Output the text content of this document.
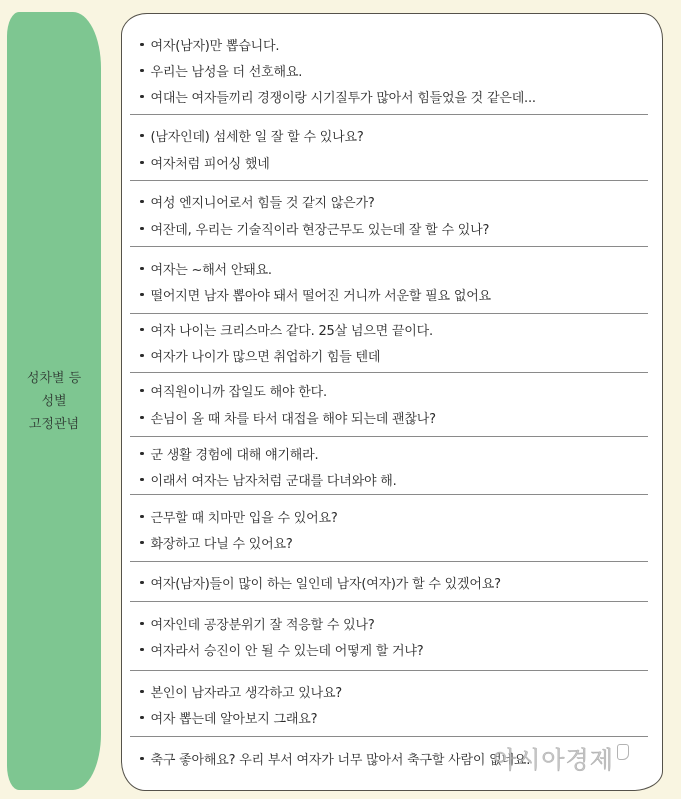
성차별 등
성별
고정관념
여자(남자)만 뽑습니다.
우리는 남성을 더 선호해요.
여대는 여자들끼리 경쟁이랑 시기질투가 많아서 힘들었을 것 같은데...
(남자인데) 섬세한 일 잘 할 수 있나요?
여자처럼 피어싱 했네
여성 엔지니어로서 힘들 것 같지 않은가?
여잔데, 우리는 기술직이라 현장근무도 있는데 잘 할 수 있나?
여자는 ~해서 안돼요.
떨어지면 남자 뽑아야 돼서 떨어진 거니까 서운할 필요 없어요
여자 나이는 크리스마스 같다. 25살 넘으면 끝이다.
여자가 나이가 많으면 취업하기 힘들 텐데
여직원이니까 잡일도 해야 한다.
손님이 올 때 차를 타서 대접을 해야 되는데 괜찮나?
군 생활 경험에 대해 얘기해라.
이래서 여자는 남자처럼 군대를 다녀와야 해.
근무할 때 치마만 입을 수 있어요?
화장하고 다닐 수 있어요?
여자(남자)들이 많이 하는 일인데 남자(여자)가 할 수 있겠어요?
여자인데 공장분위기 잘 적응할 수 있나?
여자라서 승진이 안 될 수 있는데 어떻게 할 거냐?
본인이 남자라고 생각하고 있나요?
여자 뽑는데 알아보지 그래요?
축구 좋아해요? 우리 부서 여자가 너무 많아서 축구할 사람이 없네요.
아시아경제
